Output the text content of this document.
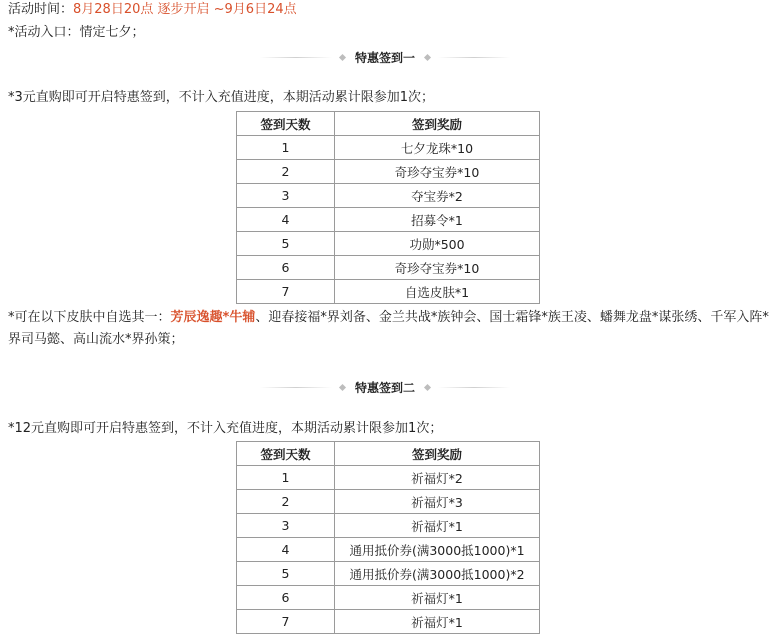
活动时间：8月28日20点 逐步开启 ~9月6日24点
*活动入口：情定七夕；
特惠签到一
*3元直购即可开启特惠签到，不计入充值进度，本期活动累计限参加1次；
签到天数	签到奖励
1	七夕龙珠*10
2	奇珍夺宝券*10
3	夺宝券*2
4	招募令*1
5	功勋*500
6	奇珍夺宝券*10
7	自选皮肤*1
*可在以下皮肤中自选其一：芳辰逸趣*牛辅、迎春接福*界刘备、金兰共战*族钟会、国士霜锋*族王凌、蟠舞龙盘*谋张绣、千军入阵*界司马懿、高山流水*界孙策；
特惠签到二
*12元直购即可开启特惠签到，不计入充值进度，本期活动累计限参加1次；
签到天数	签到奖励
1	祈福灯*2
2	祈福灯*3
3	祈福灯*1
4	通用抵价券(满3000抵1000)*1
5	通用抵价券(满3000抵1000)*2
6	祈福灯*1
7	祈福灯*1
